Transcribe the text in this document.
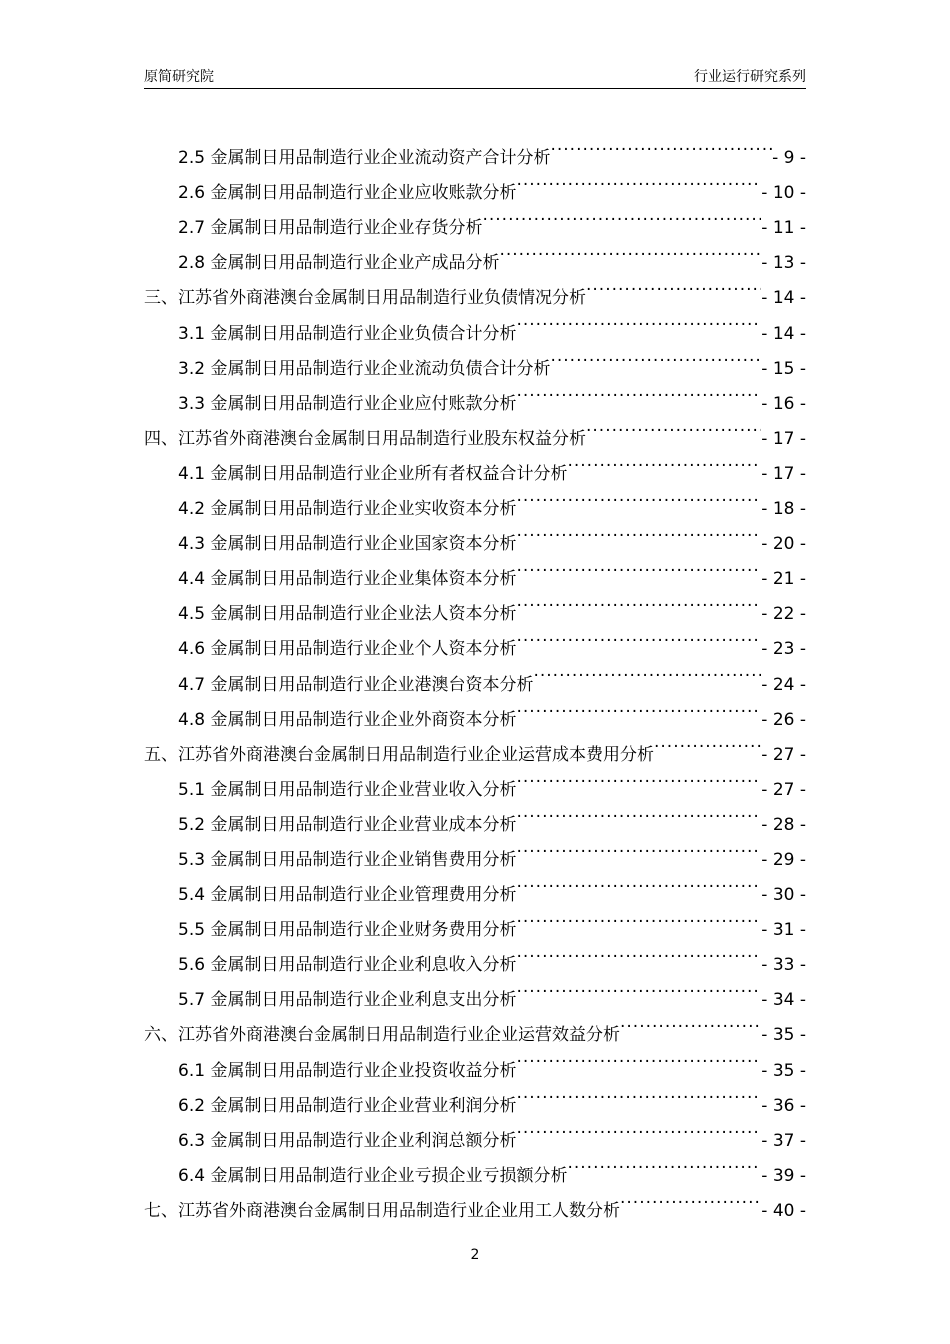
原简研究院	行业运行研究系列
2.5 金属制日用品制造行业企业流动资产合计分析 .....	- 9 -
2.6 金属制日用品制造行业企业应收账款分析 .....	- 10 -
2.7 金属制日用品制造行业企业存货分析 .....	- 11 -
2.8 金属制日用品制造行业企业产成品分析 .....	- 13 -
三、江苏省外商港澳台金属制日用品制造行业负债情况分析 .....	- 14 -
3.1 金属制日用品制造行业企业负债合计分析 .....	- 14 -
3.2 金属制日用品制造行业企业流动负债合计分析 .....	- 15 -
3.3 金属制日用品制造行业企业应付账款分析 .....	- 16 -
四、江苏省外商港澳台金属制日用品制造行业股东权益分析 .....	- 17 -
4.1 金属制日用品制造行业企业所有者权益合计分析 .....	- 17 -
4.2 金属制日用品制造行业企业实收资本分析 .....	- 18 -
4.3 金属制日用品制造行业企业国家资本分析 .....	- 20 -
4.4 金属制日用品制造行业企业集体资本分析 .....	- 21 -
4.5 金属制日用品制造行业企业法人资本分析 .....	- 22 -
4.6 金属制日用品制造行业企业个人资本分析 .....	- 23 -
4.7 金属制日用品制造行业企业港澳台资本分析 .....	- 24 -
4.8 金属制日用品制造行业企业外商资本分析 .....	- 26 -
五、江苏省外商港澳台金属制日用品制造行业企业运营成本费用分析 .....	- 27 -
5.1 金属制日用品制造行业企业营业收入分析 .....	- 27 -
5.2 金属制日用品制造行业企业营业成本分析 .....	- 28 -
5.3 金属制日用品制造行业企业销售费用分析 .....	- 29 -
5.4 金属制日用品制造行业企业管理费用分析 .....	- 30 -
5.5 金属制日用品制造行业企业财务费用分析 .....	- 31 -
5.6 金属制日用品制造行业企业利息收入分析 .....	- 33 -
5.7 金属制日用品制造行业企业利息支出分析 .....	- 34 -
六、江苏省外商港澳台金属制日用品制造行业企业运营效益分析 .....	- 35 -
6.1 金属制日用品制造行业企业投资收益分析 .....	- 35 -
6.2 金属制日用品制造行业企业营业利润分析 .....	- 36 -
6.3 金属制日用品制造行业企业利润总额分析 .....	- 37 -
6.4 金属制日用品制造行业企业亏损企业亏损额分析 .....	- 39 -
七、江苏省外商港澳台金属制日用品制造行业企业用工人数分析 .....	- 40 -
2
